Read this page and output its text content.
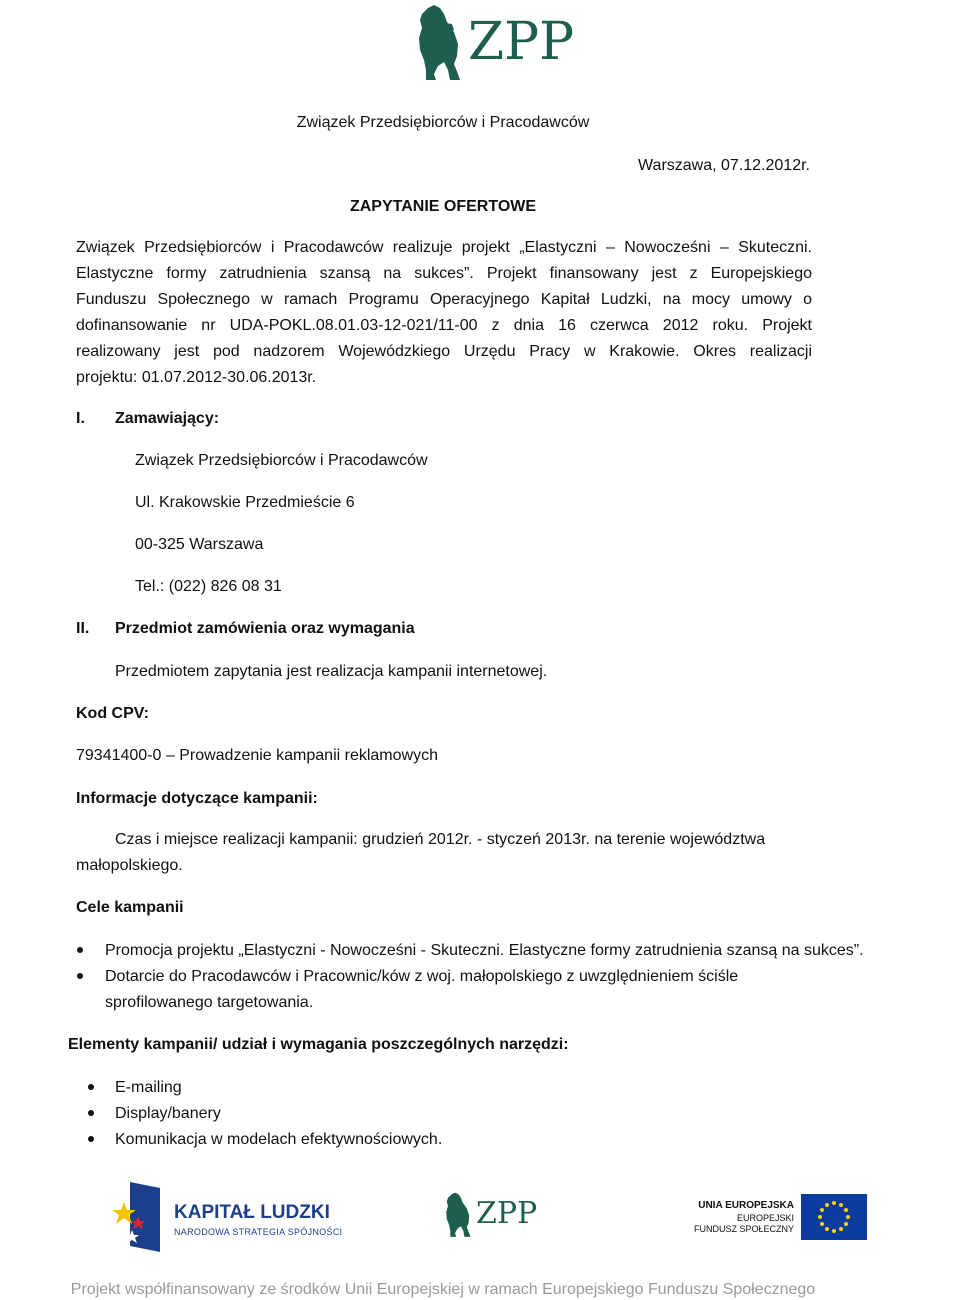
ZPP
Związek Przedsiębiorców i Pracodawców
Warszawa, 07.12.2012r.
ZAPYTANIE OFERTOWE
Związek Przedsiębiorców i Pracodawców realizuje projekt „Elastyczni – Nowocześni – Skuteczni.
Elastyczne formy zatrudnienia szansą na sukces”. Projekt finansowany jest z Europejskiego
Funduszu Społecznego w ramach Programu Operacyjnego Kapitał Ludzki, na mocy umowy o
dofinansowanie nr UDA-POKL.08.01.03-12-021/11-00 z dnia 16 czerwca 2012 roku. Projekt
realizowany jest pod nadzorem Wojewódzkiego Urzędu Pracy w Krakowie. Okres realizacji
projektu: 01.07.2012-30.06.2013r.
I. Zamawiający:
Związek Przedsiębiorców i Pracodawców
Ul. Krakowskie Przedmieście 6
00-325 Warszawa
Tel.: (022) 826 08 31
II. Przedmiot zamówienia oraz wymagania
Przedmiotem zapytania jest realizacja kampanii internetowej.
Kod CPV:
79341400-0 – Prowadzenie kampanii reklamowych
Informacje dotyczące kampanii:
Czas i miejsce realizacji kampanii: grudzień 2012r. - styczeń 2013r. na terenie województwa
małopolskiego.
Cele kampanii
Promocja projektu „Elastyczni - Nowocześni - Skuteczni. Elastyczne formy zatrudnienia szansą na sukces”.
Dotarcie do Pracodawców i Pracownic/ków z woj. małopolskiego z uwzględnieniem ściśle
sprofilowanego targetowania.
Elementy kampanii/ udział i wymagania poszczególnych narzędzi:
E-mailing
Display/banery
Komunikacja w modelach efektywnościowych.
KAPITAŁ LUDZKI
NARODOWA STRATEGIA SPÓJNOŚCI
ZPP	UNIA EUROPEJSKA
EUROPEJSKI
FUNDUSZ SPOŁECZNY
Projekt współfinansowany ze środków Unii Europejskiej w ramach Europejskiego Funduszu Społecznego
